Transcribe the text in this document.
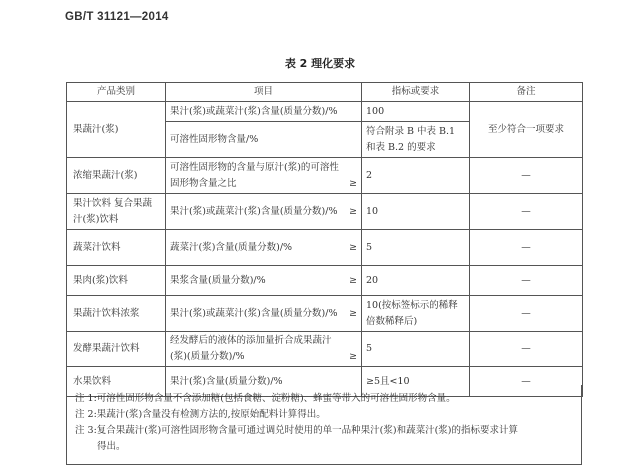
GB/T 31121—2014
表 2 理化要求
产品类别	项目	指标或要求	备注
果蔬汁(浆)	果汁(浆)或蔬菜汁(浆)含量(质量分数)/%	100	至少符合一项要求

	可溶性固形物含量/%	符合附录 B 中表 B.1 和表 B.2 的要求	
浓缩果蔬汁(浆)	可溶性固形物的含量与原汁(浆)的可溶性固形物含量之比 ≥	2	—
果汁饮料 复合果蔬汁(浆)饮料	果汁(浆)或蔬菜汁(浆)含量(质量分数)/% ≥	10	—
蔬菜汁饮料	蔬菜汁(浆)含量(质量分数)/% ≥	5	—
果肉(浆)饮料	果浆含量(质量分数)/% ≥	20	—
果蔬汁饮料浓浆	果汁(浆)或蔬菜汁(浆)含量(质量分数)/% ≥	10(按标签标示的稀释倍数稀释后)	—
发酵果蔬汁饮料	经发酵后的液体的添加量折合成果蔬汁(浆)(质量分数)/% ≥	5	—
水果饮料	果汁(浆)含量(质量分数)/%	≥5且<10	—
注 1:可溶性固形物含量不含添加糖(包括食糖、淀粉糖)、蜂蜜等带入的可溶性固形物含量。
注 2:果蔬汁(浆)含量没有检测方法的,按原始配料计算得出。
注 3:复合果蔬汁(浆)可溶性固形物含量可通过调兑时使用的单一品种果汁(浆)和蔬菜汁(浆)的指标要求计算
得出。
